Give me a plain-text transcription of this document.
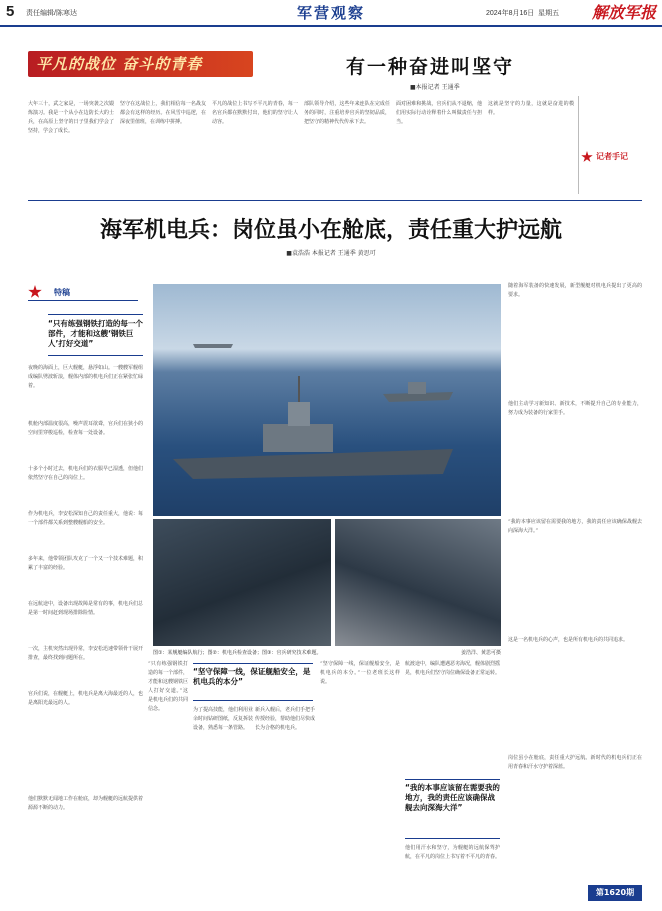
5 责任编辑/陈寒达	军营观察	2024年8月16日 星期五 解放军报
平凡的战位 奋斗的青春	有一种奋进叫坚守
■本报记者 王通季
大年三十，武之家是，一场突袭之次锻炼演习。我是一个从小在边防长大的士兵，在高原上坚守的日子里我们学会了坚持，学会了成长。
坚守在这战位上，我们相信每一名战友都会有这样的经历。在风雪中巡逻，在深夜里值班，在训练中拼搏。
平凡的战位上书写不平凡的青春，每一名官兵都在默默付出，他们的坚守让人动容。
部队领导介绍，这些年来连队在完成任务的同时，注重培养官兵的坚韧品质，把坚守的精神代代传承下去。
面对困难和挑战，官兵们从不退缩，他们用实际行动诠释着什么叫做责任与担当。
这就是坚守的力量，这就是奋进的模样。
记者手记
海军机电兵：岗位虽小在舱底，责任重大护远航
■袁浩浩 本报记者 王通季 黄思可
特稿
“只有练强钢铁打造的每一个部件，才能和这艘‘钢铁巨人’打好交道”
夜晚的海面上，巨大舰艇，悬浮如山。一艘艘军舰组成编队劈波斩浪，舰体内部的机电兵们正在紧张忙碌着。
机舱内部温度很高，噪声震耳欲聋，官兵们在狭小的空间里穿梭巡检，检查每一处设备。
十多个小时过去，机电兵们的衣服早已湿透，但他们依然坚守在自己的岗位上。
作为机电兵，李安松深知自己的责任重大，他说：每一个部件都关系到整艘舰船的安全。
多年来，他带领团队攻克了一个又一个技术难题，积累了丰富的经验。
在远航途中，设备出现故障是常有的事，机电兵们总是第一时间赶到现场排除险情。
一次，主机突然出现异常，李安松迅速带领骨干展开排查，最终找到问题所在。
官兵们说，在舰艇上，机电兵是离大海最近的人，也是离阳光最远的人。
他们默默无闻地工作在舱底，却为舰艇的远航提供着源源不断的动力。
图①：某舰艇编队航行；图②：机电兵检查设备；图③：官兵研究技术难题。	姜浩洋、黄思可摄
“只有练强钢铁打造的每一个部件，才能和这艘钢铁巨人打好交道。”这是机电兵们的共同信念。
“坚守保障一线，保证舰船安全，是机电兵的本分”
为了提高技能，他们利用业余时间钻研图纸，反复拆装设备，熟悉每一条管路。
新兵入舰后，老兵们手把手传授经验，帮助他们尽快成长为合格的机电兵。
“坚守保障一线，保证舰船安全，是机电兵的本分。”一位老班长这样说。
航渡途中，编队遭遇恶劣海况，舰体剧烈摇晃，机电兵们坚守岗位确保设备正常运转。
“我的本事应该留在需要我的地方，我的责任应该确保战舰去向深海大洋”
他们用汗水和坚守，为舰艇的远航保驾护航，在平凡的岗位上书写着不平凡的青春。
随着海军装备的快速发展，新型舰艇对机电兵提出了更高的要求。
他们主动学习新知识、新技术，不断提升自己的专业能力，努力成为装备的行家里手。
“我的本事应该留在需要我的地方，我的责任应该确保战舰去向深海大洋。”
这是一名机电兵的心声，也是所有机电兵的共同追求。
岗位虽小在舱底，责任重大护远航。新时代的机电兵们正在用青春和汗水守护着深蓝。
第1620期
